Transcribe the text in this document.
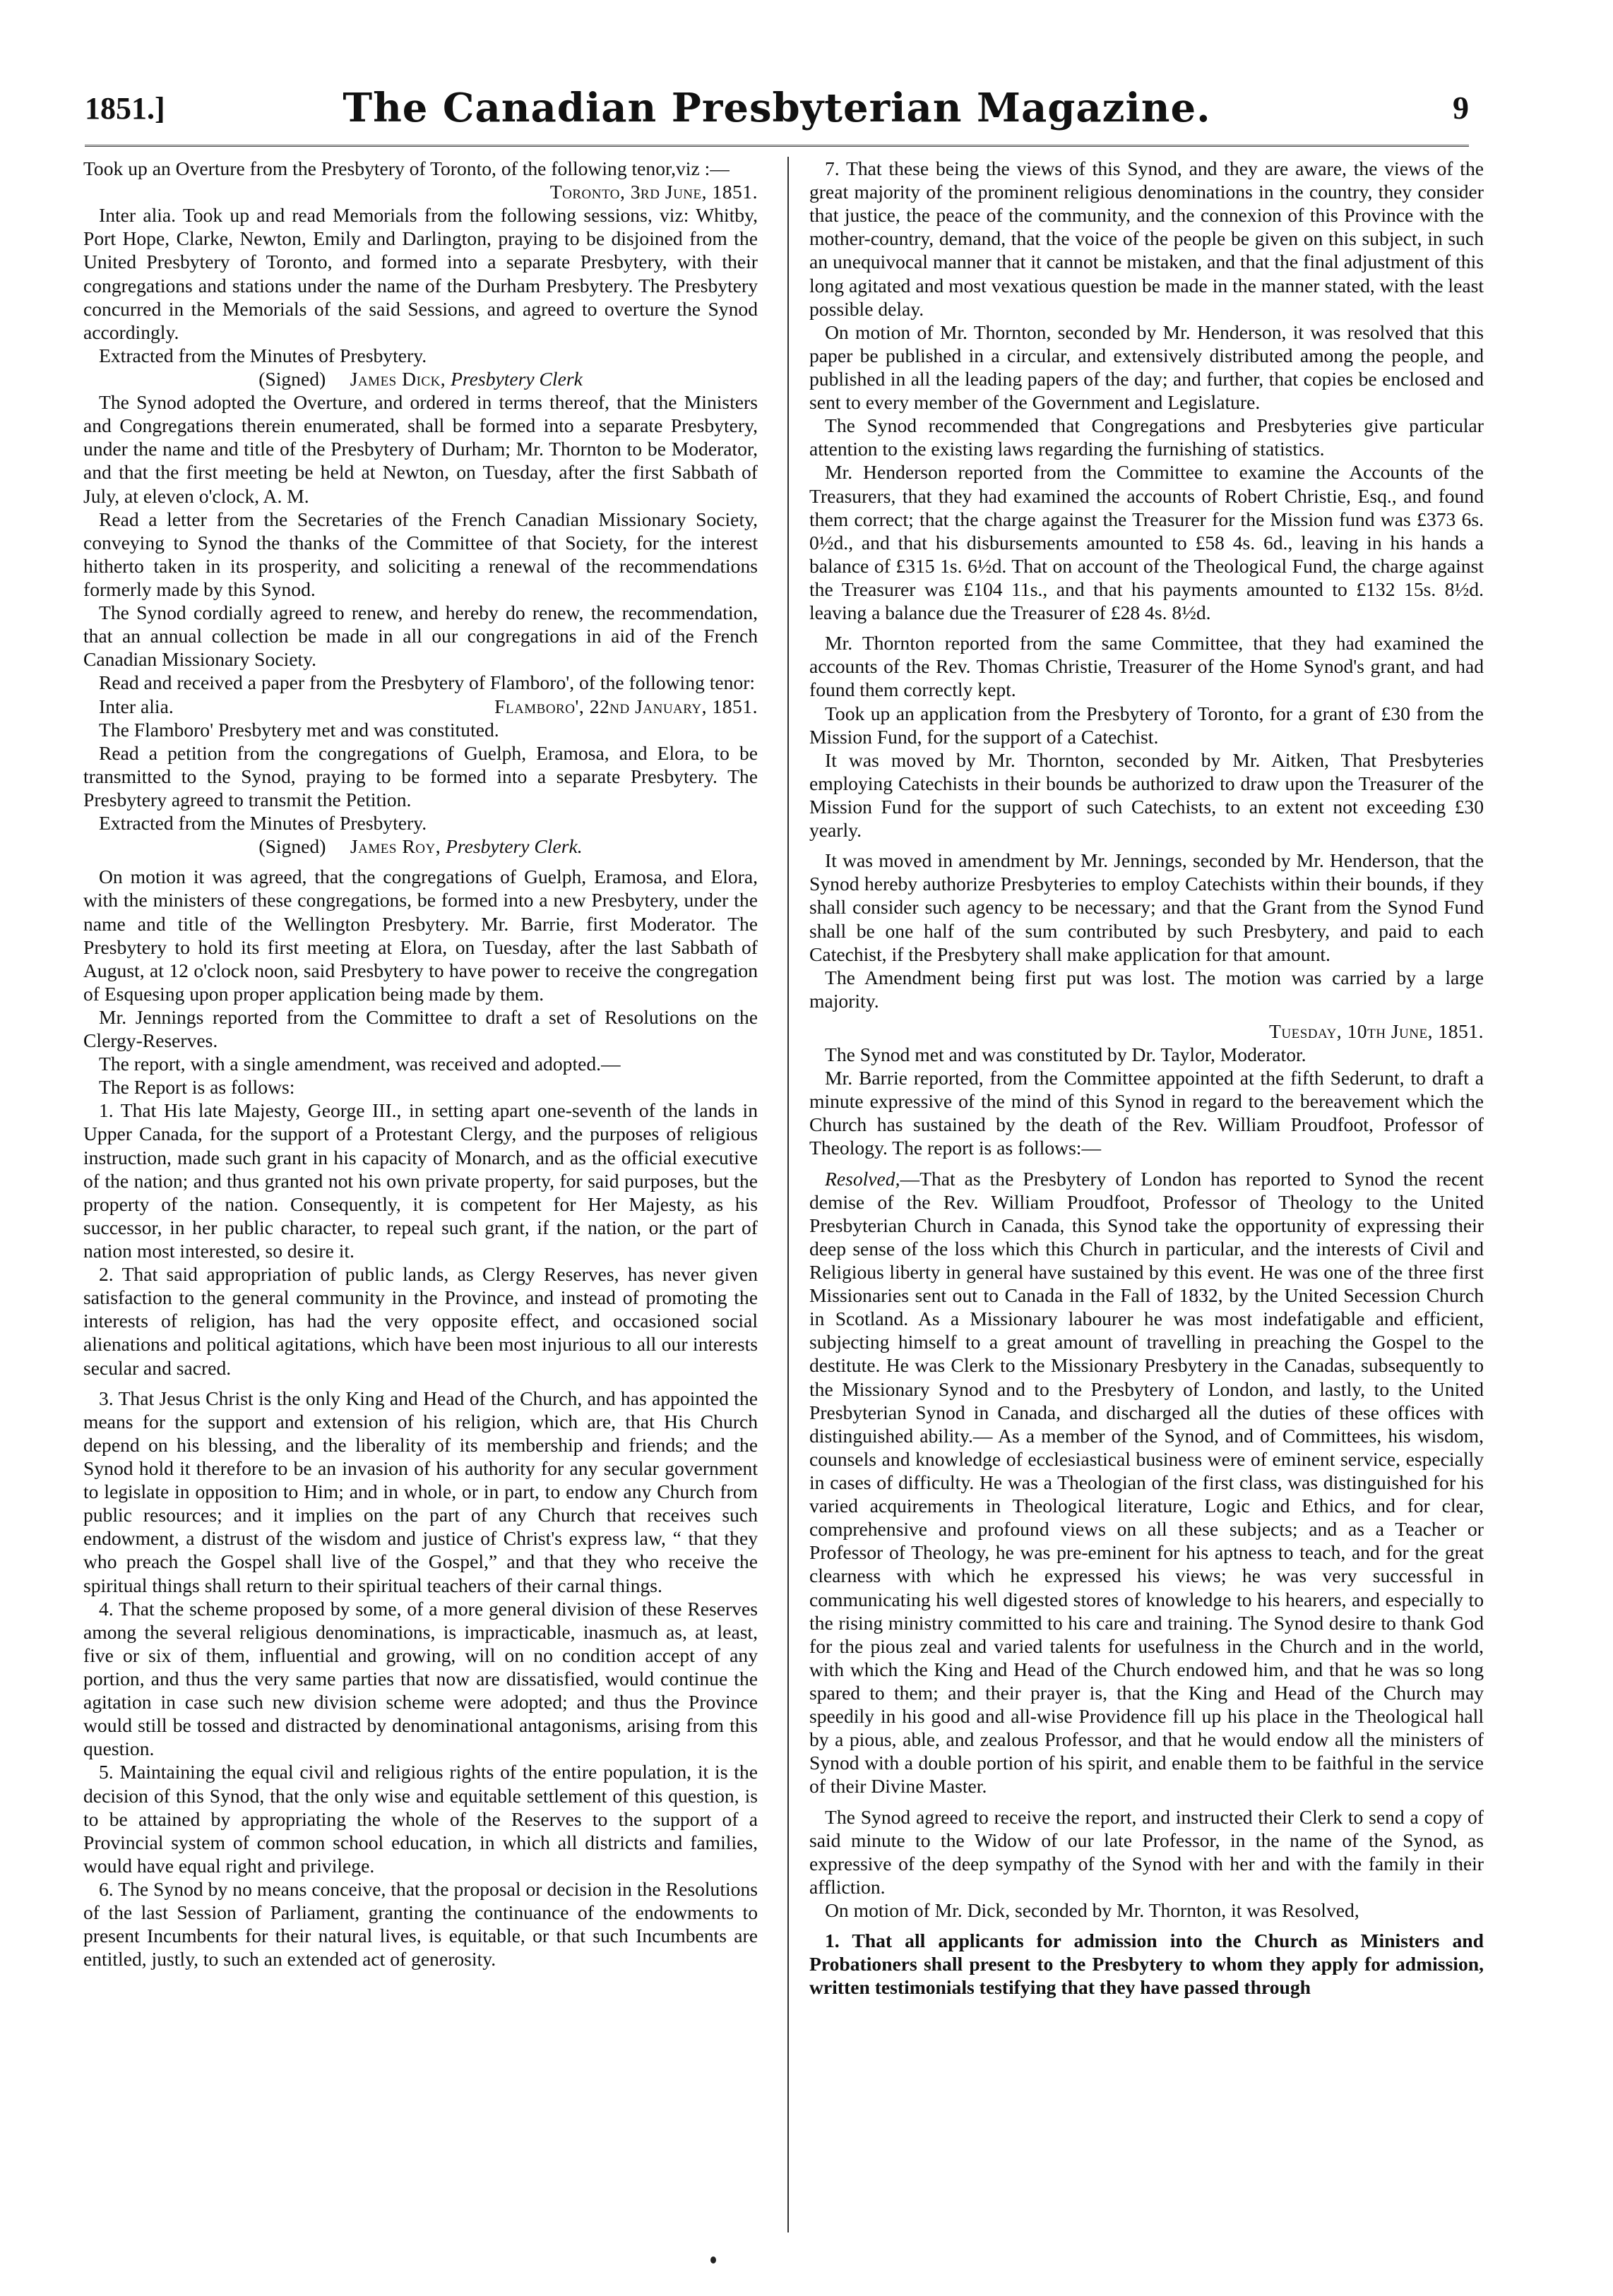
1851.]	The Canadian Presbyterian Magazine.	9

Took up an Overture from the Presbytery of Toronto, of the following tenor,viz :—

Toronto, 3rd June, 1851.

Inter alia. Took up and read Memorials from the following sessions, viz: Whitby, Port Hope, Clarke, Newton, Emily and Darlington, praying to be disjoined from the United Presbytery of Toronto, and formed into a separate Presbytery, with their congregations and stations under the name of the Durham Presbytery. The Presbytery concurred in the Memorials of the said Sessions, and agreed to overture the Synod accordingly.

Extracted from the Minutes of Presbytery.

(Signed) James Dick, Presbytery Clerk

The Synod adopted the Overture, and ordered in terms thereof, that the Ministers and Congregations therein enumerated, shall be formed into a separate Presbytery, under the name and title of the Presbytery of Durham; Mr. Thornton to be Moderator, and that the first meeting be held at Newton, on Tuesday, after the first Sabbath of July, at eleven o'clock, A. M.

Read a letter from the Secretaries of the French Canadian Missionary Society, conveying to Synod the thanks of the Committee of that Society, for the interest hitherto taken in its prosperity, and soliciting a renewal of the recommendations formerly made by this Synod.

The Synod cordially agreed to renew, and hereby do renew, the recommendation, that an annual collection be made in all our congregations in aid of the French Canadian Missionary Society.

Read and received a paper from the Presbytery of Flamboro', of the following tenor:

Inter alia.	Flamboro', 22nd January, 1851.

The Flamboro' Presbytery met and was constituted.

Read a petition from the congregations of Guelph, Eramosa, and Elora, to be transmitted to the Synod, praying to be formed into a separate Presbytery. The Presbytery agreed to transmit the Petition.

Extracted from the Minutes of Presbytery.

(Signed) James Roy, Presbytery Clerk.

On motion it was agreed, that the congregations of Guelph, Eramosa, and Elora, with the ministers of these congregations, be formed into a new Presbytery, under the name and title of the Wellington Presbytery. Mr. Barrie, first Moderator. The Presbytery to hold its first meeting at Elora, on Tuesday, after the last Sabbath of August, at 12 o'clock noon, said Presbytery to have power to receive the congregation of Esquesing upon proper application being made by them.

Mr. Jennings reported from the Committee to draft a set of Resolutions on the Clergy-Reserves.

The report, with a single amendment, was received and adopted.—

The Report is as follows:

1. That His late Majesty, George III., in setting apart one-seventh of the lands in Upper Canada, for the support of a Protestant Clergy, and the purposes of religious instruction, made such grant in his capacity of Monarch, and as the official executive of the nation; and thus granted not his own private property, for said purposes, but the property of the nation. Consequently, it is competent for Her Majesty, as his successor, in her public character, to repeal such grant, if the nation, or the part of nation most interested, so desire it.

2. That said appropriation of public lands, as Clergy Reserves, has never given satisfaction to the general community in the Province, and instead of promoting the interests of religion, has had the very opposite effect, and occasioned social alienations and political agitations, which have been most injurious to all our interests secular and sacred.

3. That Jesus Christ is the only King and Head of the Church, and has appointed the means for the support and extension of his religion, which are, that His Church depend on his blessing, and the liberality of its membership and friends; and the Synod hold it therefore to be an invasion of his authority for any secular government to legislate in opposition to Him; and in whole, or in part, to endow any Church from public resources; and it implies on the part of any Church that receives such endowment, a distrust of the wisdom and justice of Christ's express law, “ that they who preach the Gospel shall live of the Gospel,” and that they who receive the spiritual things shall return to their spiritual teachers of their carnal things.

4. That the scheme proposed by some, of a more general division of these Reserves among the several religious denominations, is impracticable, inasmuch as, at least, five or six of them, influential and growing, will on no condition accept of any portion, and thus the very same parties that now are dissatisfied, would continue the agitation in case such new division scheme were adopted; and thus the Province would still be tossed and distracted by denominational antagonisms, arising from this question.

5. Maintaining the equal civil and religious rights of the entire population, it is the decision of this Synod, that the only wise and equitable settlement of this question, is to be attained by appropriating the whole of the Reserves to the support of a Provincial system of common school education, in which all districts and families, would have equal right and privilege.

6. The Synod by no means conceive, that the proposal or decision in the Resolutions of the last Session of Parliament, granting the continuance of the endowments to present Incumbents for their natural lives, is equitable, or that such Incumbents are entitled, justly, to such an extended act of generosity.

7. That these being the views of this Synod, and they are aware, the views of the great majority of the prominent religious denominations in the country, they consider that justice, the peace of the community, and the connexion of this Province with the mother-country, demand, that the voice of the people be given on this subject, in such an unequivocal manner that it cannot be mistaken, and that the final adjustment of this long agitated and most vexatious question be made in the manner stated, with the least possible delay.

On motion of Mr. Thornton, seconded by Mr. Henderson, it was resolved that this paper be published in a circular, and extensively distributed among the people, and published in all the leading papers of the day; and further, that copies be enclosed and sent to every member of the Government and Legislature.

The Synod recommended that Congregations and Presbyteries give particular attention to the existing laws regarding the furnishing of statistics.

Mr. Henderson reported from the Committee to examine the Accounts of the Treasurers, that they had examined the accounts of Robert Christie, Esq., and found them correct; that the charge against the Treasurer for the Mission fund was £373 6s. 0½d., and that his disbursements amounted to £58 4s. 6d., leaving in his hands a balance of £315 1s. 6½d. That on account of the Theological Fund, the charge against the Treasurer was £104 11s., and that his payments amounted to £132 15s. 8½d. leaving a balance due the Treasurer of £28 4s. 8½d.

Mr. Thornton reported from the same Committee, that they had examined the accounts of the Rev. Thomas Christie, Treasurer of the Home Synod's grant, and had found them correctly kept.

Took up an application from the Presbytery of Toronto, for a grant of £30 from the Mission Fund, for the support of a Catechist.

It was moved by Mr. Thornton, seconded by Mr. Aitken, That Presbyteries employing Catechists in their bounds be authorized to draw upon the Treasurer of the Mission Fund for the support of such Catechists, to an extent not exceeding £30 yearly.

It was moved in amendment by Mr. Jennings, seconded by Mr. Henderson, that the Synod hereby authorize Presbyteries to employ Catechists within their bounds, if they shall consider such agency to be necessary; and that the Grant from the Synod Fund shall be one half of the sum contributed by such Presbytery, and paid to each Catechist, if the Presbytery shall make application for that amount.

The Amendment being first put was lost. The motion was carried by a large majority.

Tuesday, 10th June, 1851.

The Synod met and was constituted by Dr. Taylor, Moderator.

Mr. Barrie reported, from the Committee appointed at the fifth Sederunt, to draft a minute expressive of the mind of this Synod in regard to the bereavement which the Church has sustained by the death of the Rev. William Proudfoot, Professor of Theology. The report is as follows:—

Resolved,—That as the Presbytery of London has reported to Synod the recent demise of the Rev. William Proudfoot, Professor of Theology to the United Presbyterian Church in Canada, this Synod take the opportunity of expressing their deep sense of the loss which this Church in particular, and the interests of Civil and Religious liberty in general have sustained by this event. He was one of the three first Missionaries sent out to Canada in the Fall of 1832, by the United Secession Church in Scotland. As a Missionary labourer he was most indefatigable and efficient, subjecting himself to a great amount of travelling in preaching the Gospel to the destitute. He was Clerk to the Missionary Presbytery in the Canadas, subsequently to the Missionary Synod and to the Presbytery of London, and lastly, to the United Presbyterian Synod in Canada, and discharged all the duties of these offices with distinguished ability.— As a member of the Synod, and of Committees, his wisdom, counsels and knowledge of ecclesiastical business were of eminent service, especially in cases of difficulty. He was a Theologian of the first class, was distinguished for his varied acquirements in Theological literature, Logic and Ethics, and for clear, comprehensive and profound views on all these subjects; and as a Teacher or Professor of Theology, he was pre-eminent for his aptness to teach, and for the great clearness with which he expressed his views; he was very successful in communicating his well digested stores of knowledge to his hearers, and especially to the rising ministry committed to his care and training. The Synod desire to thank God for the pious zeal and varied talents for usefulness in the Church and in the world, with which the King and Head of the Church endowed him, and that he was so long spared to them; and their prayer is, that the King and Head of the Church may speedily in his good and all-wise Providence fill up his place in the Theological hall by a pious, able, and zealous Professor, and that he would endow all the ministers of Synod with a double portion of his spirit, and enable them to be faithful in the service of their Divine Master.

The Synod agreed to receive the report, and instructed their Clerk to send a copy of said minute to the Widow of our late Professor, in the name of the Synod, as expressive of the deep sympathy of the Synod with her and with the family in their affliction.

On motion of Mr. Dick, seconded by Mr. Thornton, it was Resolved,

1. That all applicants for admission into the Church as Ministers and Probationers shall present to the Presbytery to whom they apply for admission, written testimonials testifying that they have passed through
